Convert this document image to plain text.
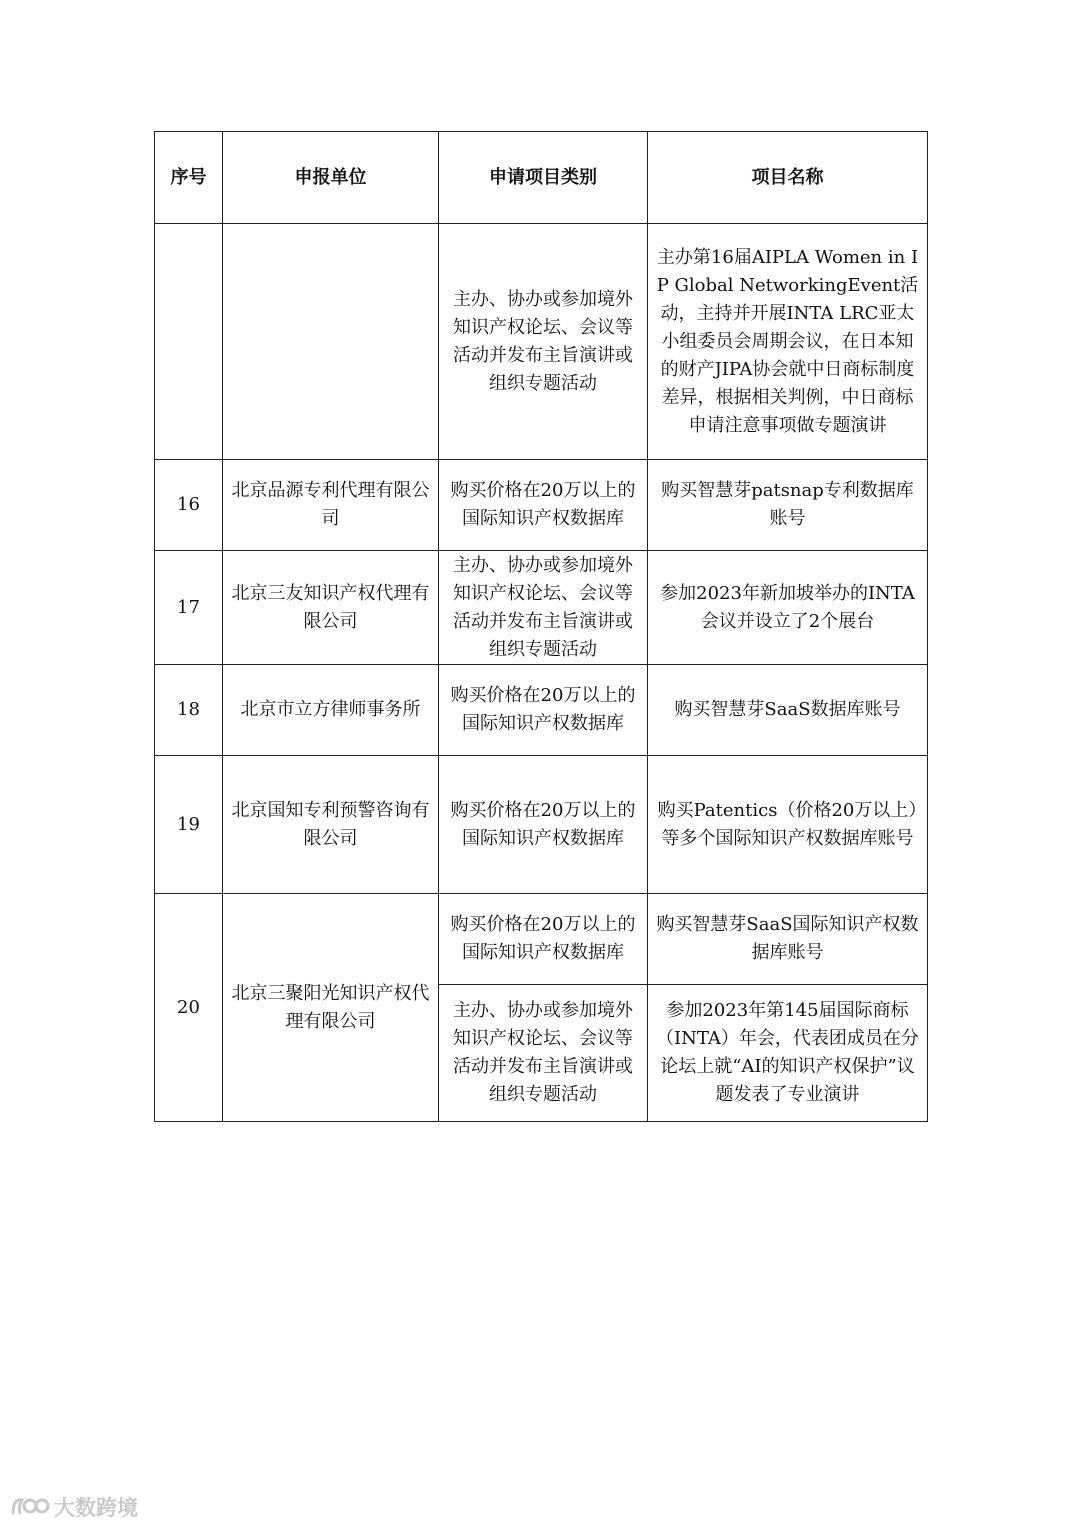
序号	申报单位	申请项目类别	项目名称
		主办、协办或参加境外知识产权论坛、会议等活动并发布主旨演讲或组织专题活动	主办第16届AIPLA Women in IP Global NetworkingEvent活动，主持并开展INTA LRC亚太小组委员会周期会议，在日本知的财产JIPA协会就中日商标制度差异，根据相关判例，中日商标申请注意事项做专题演讲
16	北京品源专利代理有限公司	购买价格在20万以上的国际知识产权数据库	购买智慧芽patsnap专利数据库账号
17	北京三友知识产权代理有限公司	主办、协办或参加境外知识产权论坛、会议等活动并发布主旨演讲或组织专题活动	参加2023年新加坡举办的INTA会议并设立了2个展台
18	北京市立方律师事务所	购买价格在20万以上的国际知识产权数据库	购买智慧芽SaaS数据库账号
19	北京国知专利预警咨询有限公司	购买价格在20万以上的国际知识产权数据库	购买Patentics（价格20万以上）等多个国际知识产权数据库账号
20	北京三聚阳光知识产权代理有限公司	购买价格在20万以上的国际知识产权数据库	购买智慧芽SaaS国际知识产权数据库账号
		主办、协办或参加境外知识产权论坛、会议等活动并发布主旨演讲或组织专题活动	参加2023年第145届国际商标（INTA）年会，代表团成员在分论坛上就“AI的知识产权保护”议题发表了专业演讲
大数跨境
